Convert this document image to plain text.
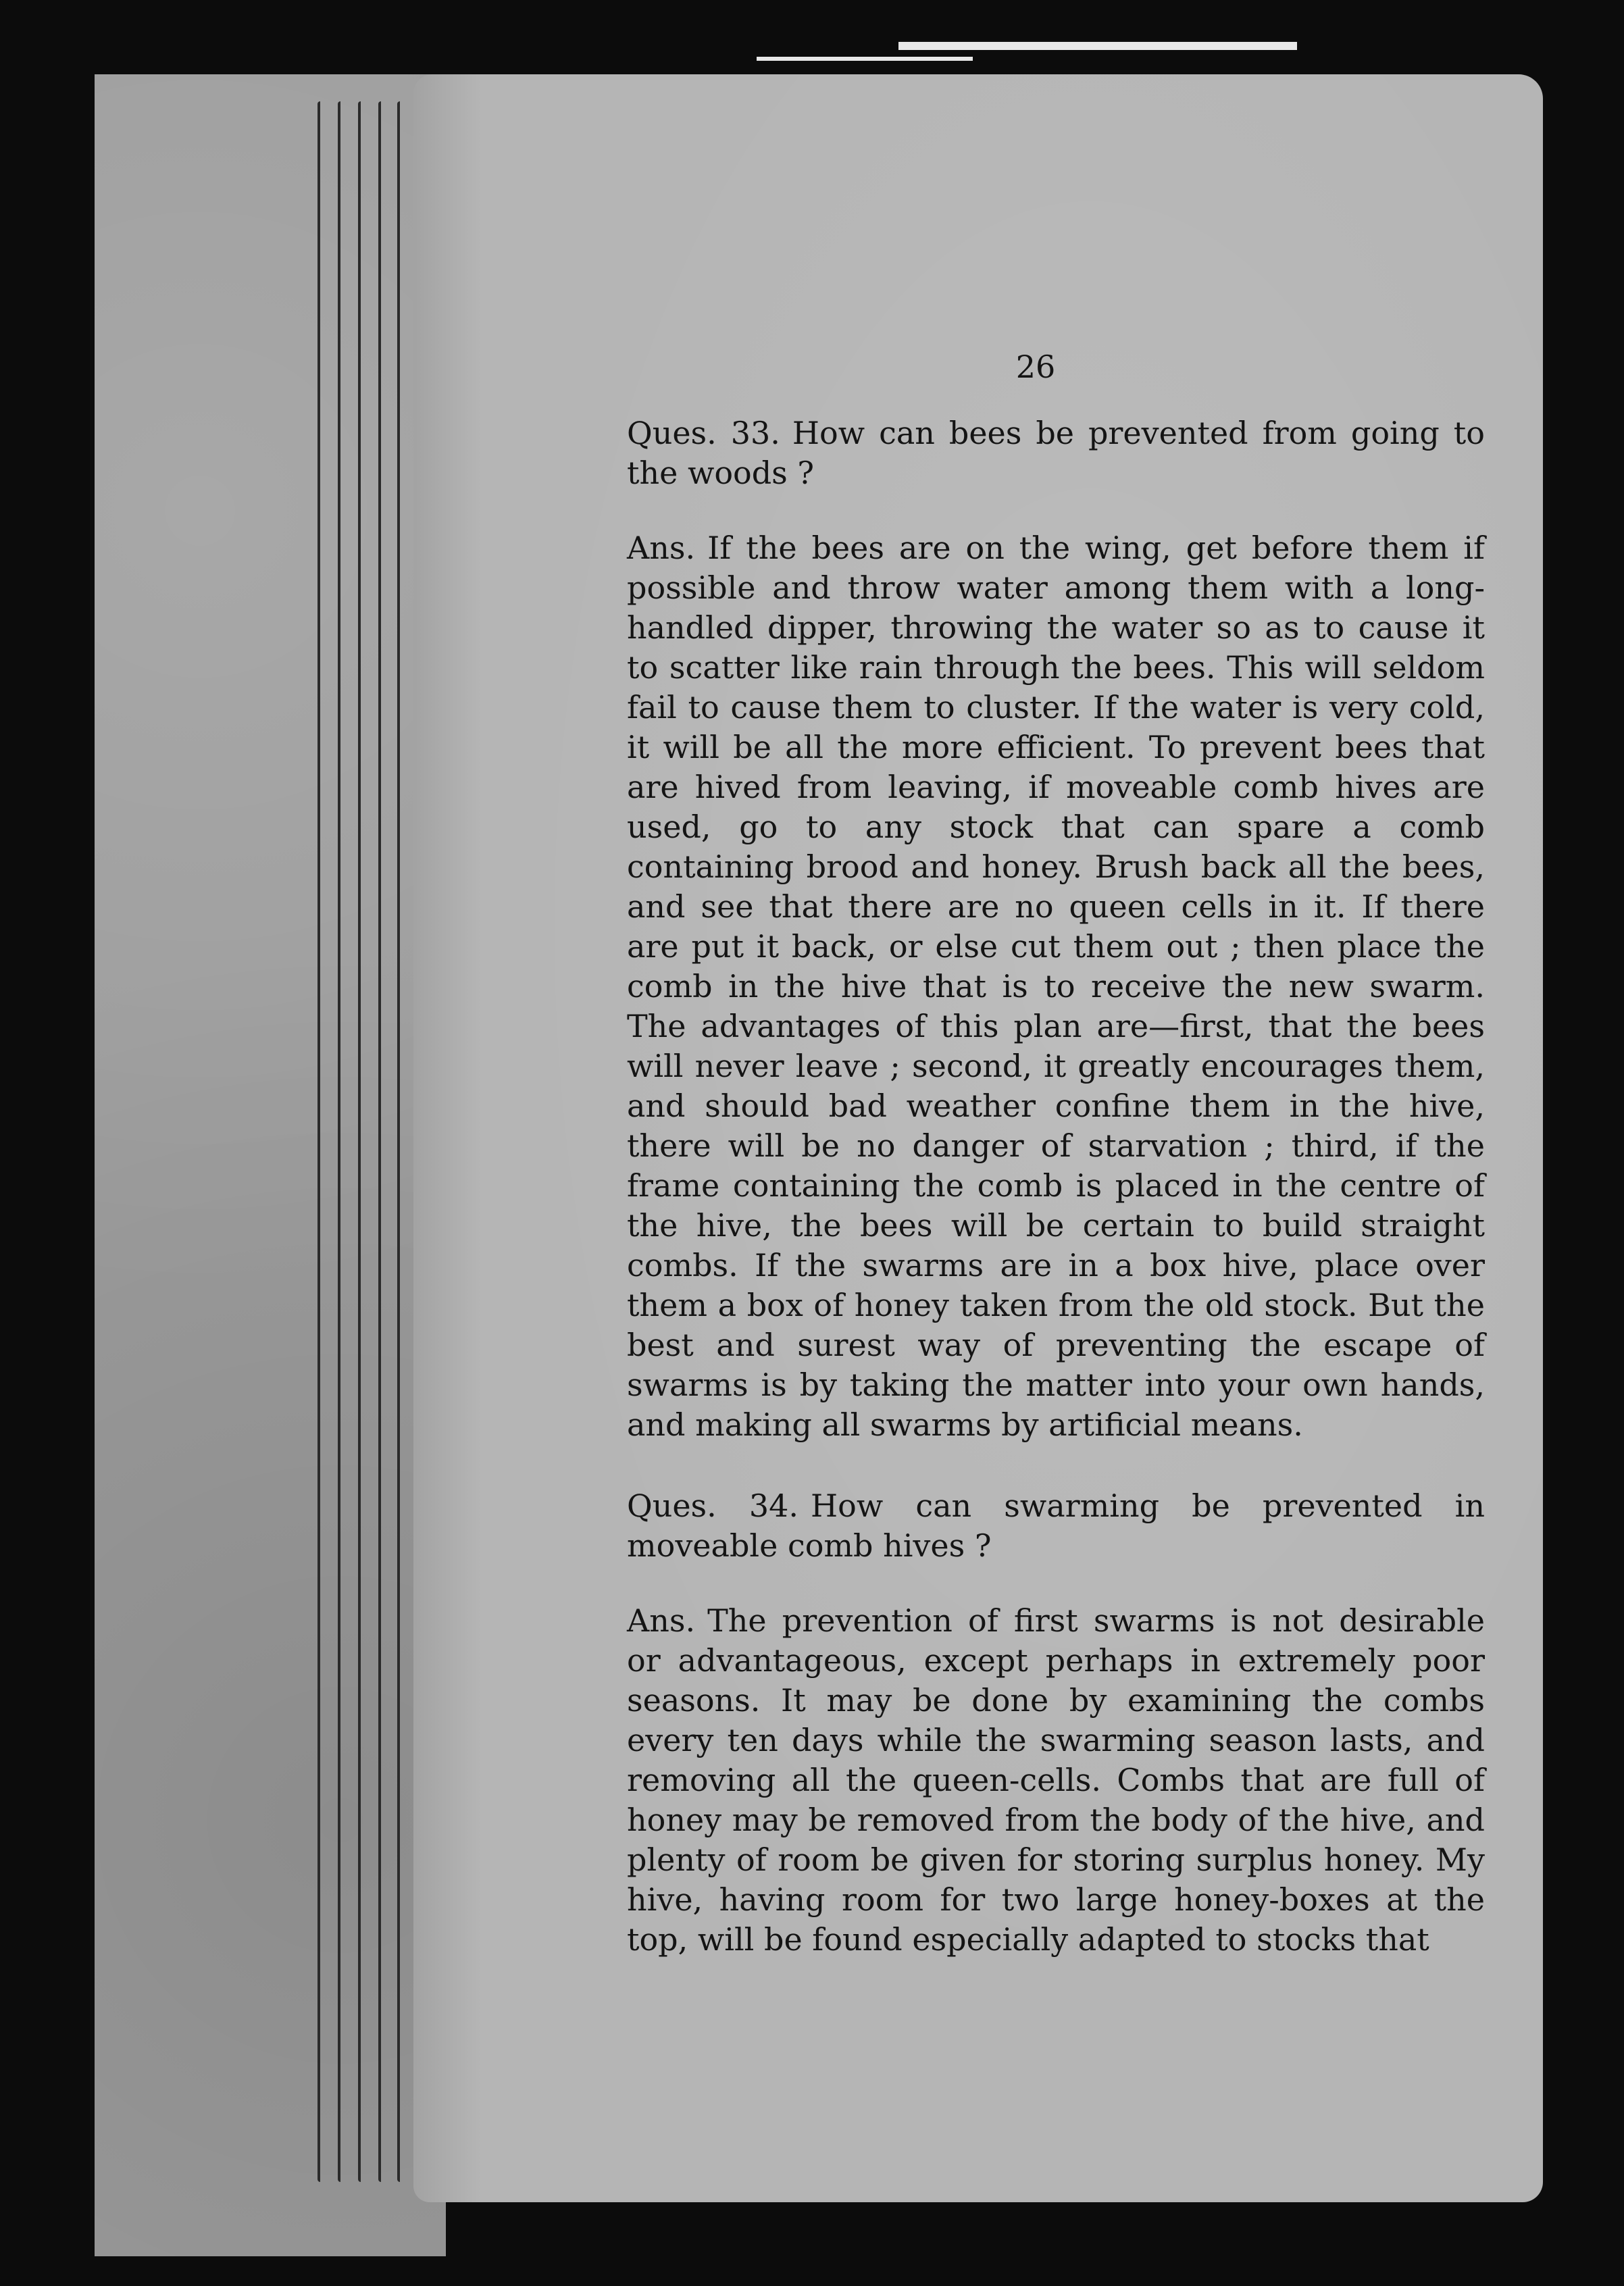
26

Ques. 33. How can bees be prevented from going to the woods ?

Ans. If the bees are on the wing, get before them if possible and throw water among them with a long-handled dipper, throwing the water so as to cause it to scatter like rain through the bees. This will seldom fail to cause them to cluster. If the water is very cold, it will be all the more efficient. To prevent bees that are hived from leaving, if moveable comb hives are used, go to any stock that can spare a comb containing brood and honey. Brush back all the bees, and see that there are no queen cells in it. If there are put it back, or else cut them out ; then place the comb in the hive that is to receive the new swarm. The advantages of this plan are—first, that the bees will never leave ; second, it greatly encourages them, and should bad weather confine them in the hive, there will be no danger of starvation ; third, if the frame containing the comb is placed in the centre of the hive, the bees will be certain to build straight combs. If the swarms are in a box hive, place over them a box of honey taken from the old stock. But the best and surest way of preventing the escape of swarms is by taking the matter into your own hands, and making all swarms by artificial means.

Ques. 34. How can swarming be prevented in moveable comb hives ?

Ans. The prevention of first swarms is not desirable or advantageous, except perhaps in extremely poor seasons. It may be done by examining the combs every ten days while the swarming season lasts, and removing all the queen-cells. Combs that are full of honey may be removed from the body of the hive, and plenty of room be given for storing surplus honey. My hive, having room for two large honey-boxes at the top, will be found especially adapted to stocks that
